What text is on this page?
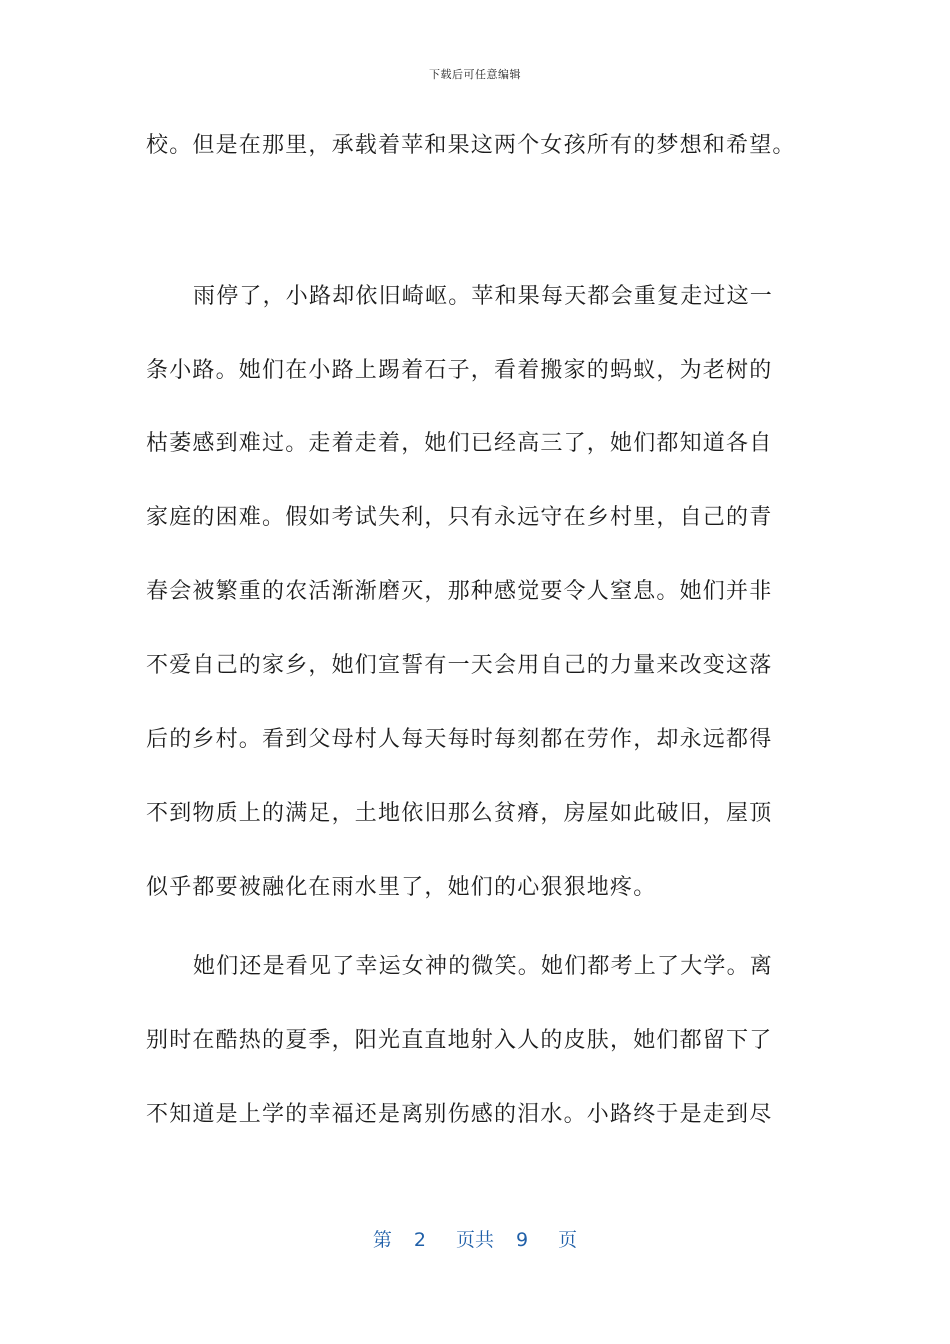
下载后可任意编辑
校。但是在那里，承载着苹和果这两个女孩所有的梦想和希望。
雨停了，小路却依旧崎岖。苹和果每天都会重复走过这一
条小路。她们在小路上踢着石子，看着搬家的蚂蚁，为老树的
枯萎感到难过。走着走着，她们已经高三了，她们都知道各自
家庭的困难。假如考试失利，只有永远守在乡村里，自己的青
春会被繁重的农活渐渐磨灭，那种感觉要令人窒息。她们并非
不爱自己的家乡，她们宣誓有一天会用自己的力量来改变这落
后的乡村。看到父母村人每天每时每刻都在劳作，却永远都得
不到物质上的满足，土地依旧那么贫瘠，房屋如此破旧，屋顶
似乎都要被融化在雨水里了，她们的心狠狠地疼。
她们还是看见了幸运女神的微笑。她们都考上了大学。离
别时在酷热的夏季，阳光直直地射入人的皮肤，她们都留下了
不知道是上学的幸福还是离别伤感的泪水。小路终于是走到尽
第 2 页共 9 页
